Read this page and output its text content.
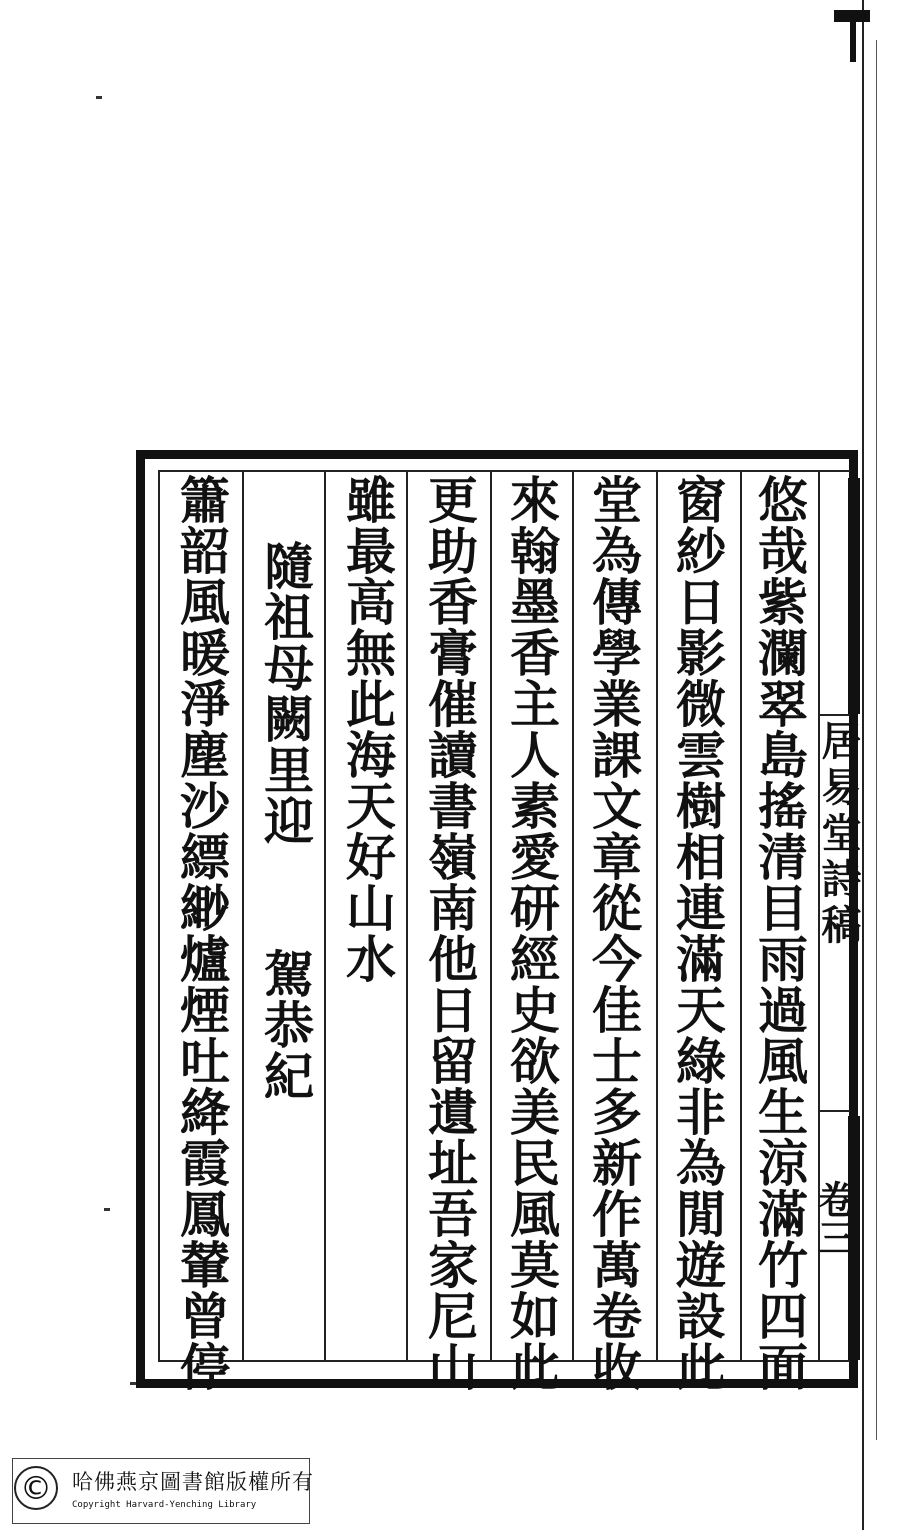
居易堂詩稿
卷三
悠哉紫瀾翠島搖清目雨過風生涼滿竹四面
窗紗日影微雲樹相連滿天綠非為閒遊設此
堂為傳學業課文章從今佳士多新作萬卷收
來翰墨香主人素愛研經史欲美民風莫如此
更助香膏催讀書嶺南他日留遺址吾家尼山
雖最高無此海天好山水
隨祖母闕里迎　　駕恭紀
簫韶風暖淨塵沙縹緲爐煙吐絳霞鳳輦曾停
© 哈佛燕京圖書館版權所有
Copyright Harvard-Yenching Library
